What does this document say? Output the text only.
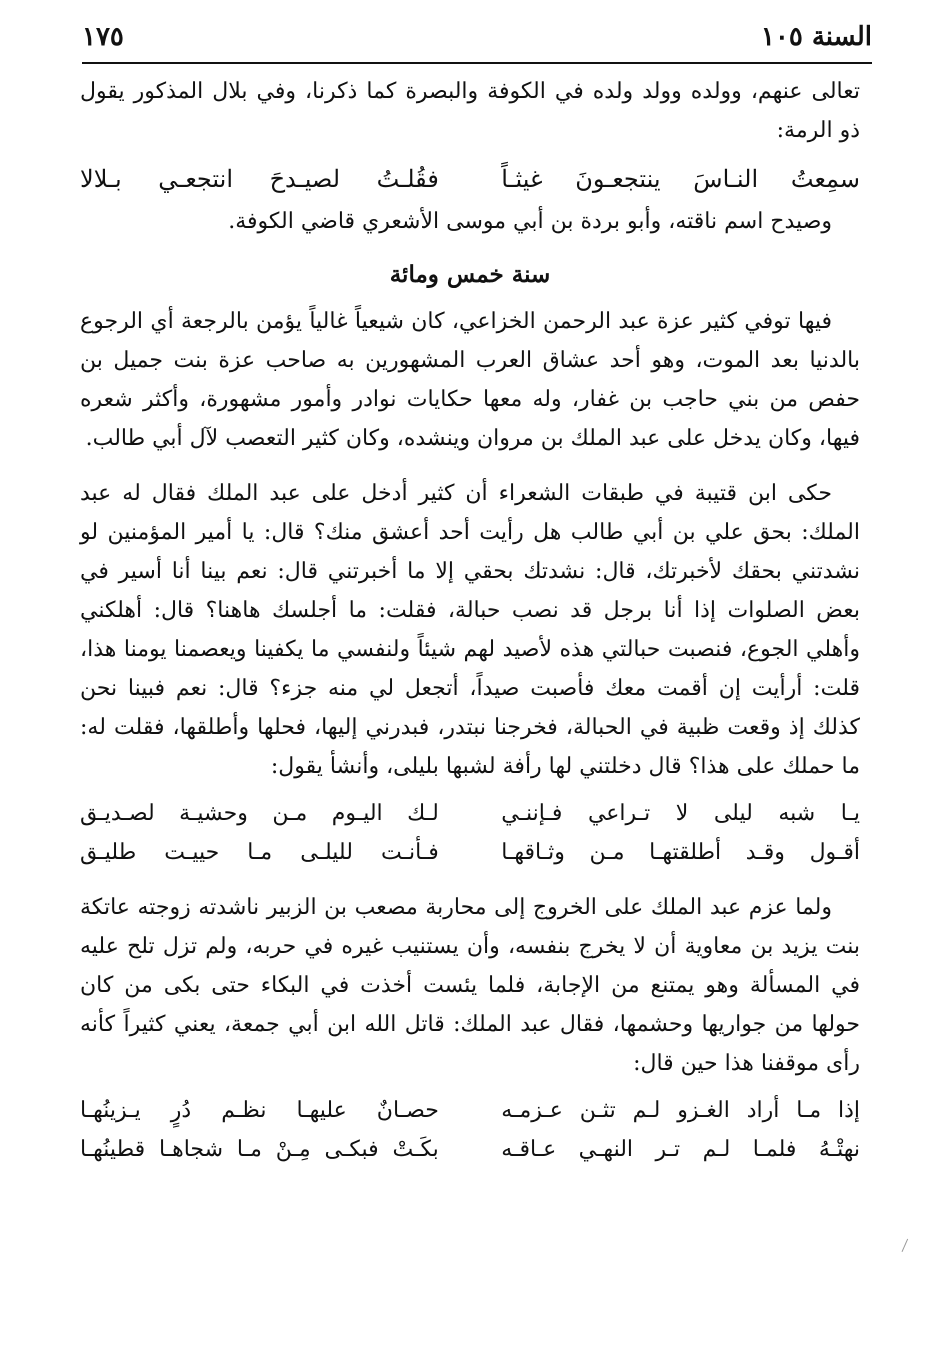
السنة ١٠٥
١٧٥

تعالى عنهم، وولده وولد ولده في الكوفة والبصرة كما ذكرنا، وفي بلال المذكور يقول ذو الرمة:

سمِعتُ النـاسَ ينتجعـونَ غيثـاً
فقُلـتُ لصيـدحَ انتجعـي بـلالا

وصيدح اسم ناقته، وأبو بردة بن أبي موسى الأشعري قاضي الكوفة.

سنة خمس ومائة

فيها توفي كثير عزة عبد الرحمن الخزاعي، كان شيعياً غالياً يؤمن بالرجعة أي الرجوع بالدنيا بعد الموت، وهو أحد عشاق العرب المشهورين به صاحب عزة بنت جميل بن حفص من بني حاجب بن غفار، وله معها حكايات نوادر وأمور مشهورة، وأكثر شعره فيها، وكان يدخل على عبد الملك بن مروان وينشده، وكان كثير التعصب لآل أبي طالب.

حكى ابن قتيبة في طبقات الشعراء أن كثير أدخل على عبد الملك فقال له عبد الملك: بحق علي بن أبي طالب هل رأيت أحد أعشق منك؟ قال: يا أمير المؤمنين لو نشدتني بحقك لأخبرتك، قال: نشدتك بحقي إلا ما أخبرتني قال: نعم بينا أنا أسير في بعض الصلوات إذا أنا برجل قد نصب حبالة، فقلت: ما أجلسك هاهنا؟ قال: أهلكني وأهلي الجوع، فنصبت حبالتي هذه لأصيد لهم شيئاً ولنفسي ما يكفينا ويعصمنا يومنا هذا، قلت: أرأيت إن أقمت معك فأصبت صيداً، أتجعل لي منه جزء؟ قال: نعم فبينا نحن كذلك إذ وقعت ظبية في الحبالة، فخرجنا نبتدر، فبدرني إليها، فحلها وأطلقها، فقلت له: ما حملك على هذا؟ قال دخلتني لها رأفة لشبها بليلى، وأنشأ يقول:

يـا شبه ليلى لا تـراعي فـإننـي
لـك اليـوم مـن وحشيـة لصـديـق
أقـول وقـد أطلقتهـا مـن وثـاقهـا
فـأنـت لليلـى مـا حييـت طليـق

ولما عزم عبد الملك على الخروج إلى محاربة مصعب بن الزبير ناشدته زوجته عاتكة بنت يزيد بن معاوية أن لا يخرج بنفسه، وأن يستنيب غيره في حربه، ولم تزل تلح عليه في المسألة وهو يمتنع من الإجابة، فلما يئست أخذت في البكاء حتى بكى من كان حولها من جواريها وحشمها، فقال عبد الملك: قاتل الله ابن أبي جمعة، يعني كثيراً كأنه رأى موقفنا هذا حين قال:

إذا مـا أراد الغـزو لـم تثـن عـزمـه
حصـانٌ عليهـا نظـم دُرٍ يـزينُهـا
نهتْـهُ فلمـا لـم تـر النهـي عـاقـه
بكَـتْ فبكـى مِـنْ مـا شجاهـا قطينُهـا
